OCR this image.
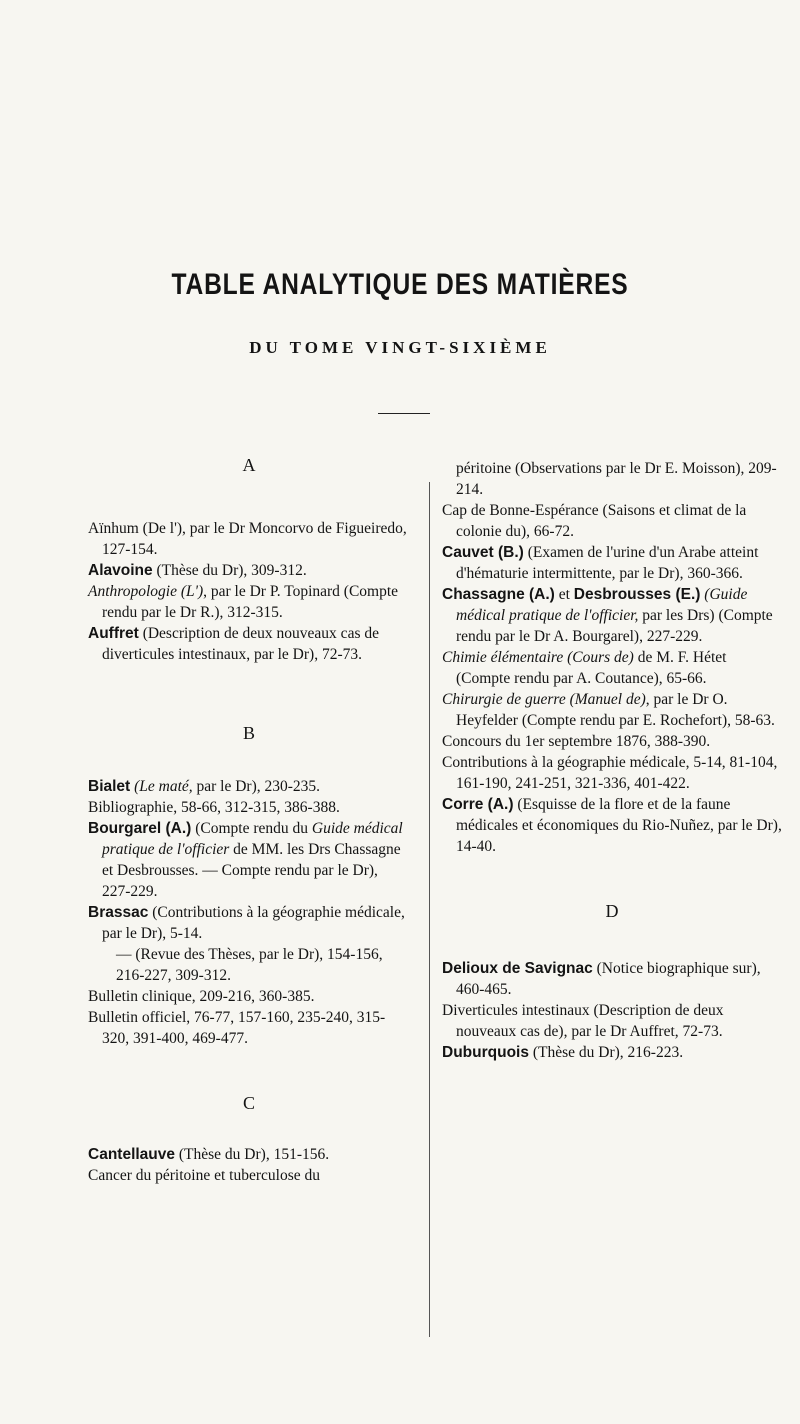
TABLE ANALYTIQUE DES MATIÈRES
DU TOME VINGT-SIXIÈME

A

Aïnhum (De l'), par le Dr Moncorvo de Figueiredo, 127-154.

Alavoine (Thèse du Dr), 309-312.

Anthropologie (L'), par le Dr P. Topinard (Compte rendu par le Dr R.), 312-315.

Auffret (Description de deux nouveaux cas de diverticules intestinaux, par le Dr), 72-73.

B

Bialet (Le maté, par le Dr), 230-235.

Bibliographie, 58-66, 312-315, 386-388.

Bourgarel (A.) (Compte rendu du Guide médical pratique de l'officier de MM. les Drs Chassagne et Desbrousses. — Compte rendu par le Dr), 227-229.

Brassac (Contributions à la géographie médicale, par le Dr), 5-14.

— (Revue des Thèses, par le Dr), 154-156, 216-227, 309-312.

Bulletin clinique, 209-216, 360-385.

Bulletin officiel, 76-77, 157-160, 235-240, 315-320, 391-400, 469-477.

C

Cantellauve (Thèse du Dr), 151-156.

Cancer du péritoine et tuberculose du

péritoine (Observations par le Dr E. Moisson), 209-214.

Cap de Bonne-Espérance (Saisons et climat de la colonie du), 66-72.

Cauvet (B.) (Examen de l'urine d'un Arabe atteint d'hématurie intermittente, par le Dr), 360-366.

Chassagne (A.) et Desbrousses (E.) (Guide médical pratique de l'officier, par les Drs) (Compte rendu par le Dr A. Bourgarel), 227-229.

Chimie élémentaire (Cours de) de M. F. Hétet (Compte rendu par A. Coutance), 65-66.

Chirurgie de guerre (Manuel de), par le Dr O. Heyfelder (Compte rendu par E. Rochefort), 58-63.

Concours du 1er septembre 1876, 388-390.

Contributions à la géographie médicale, 5-14, 81-104, 161-190, 241-251, 321-336, 401-422.

Corre (A.) (Esquisse de la flore et de la faune médicales et économiques du Rio-Nuñez, par le Dr), 14-40.

D

Delioux de Savignac (Notice biographique sur), 460-465.

Diverticules intestinaux (Description de deux nouveaux cas de), par le Dr Auffret, 72-73.

Duburquois (Thèse du Dr), 216-223.
